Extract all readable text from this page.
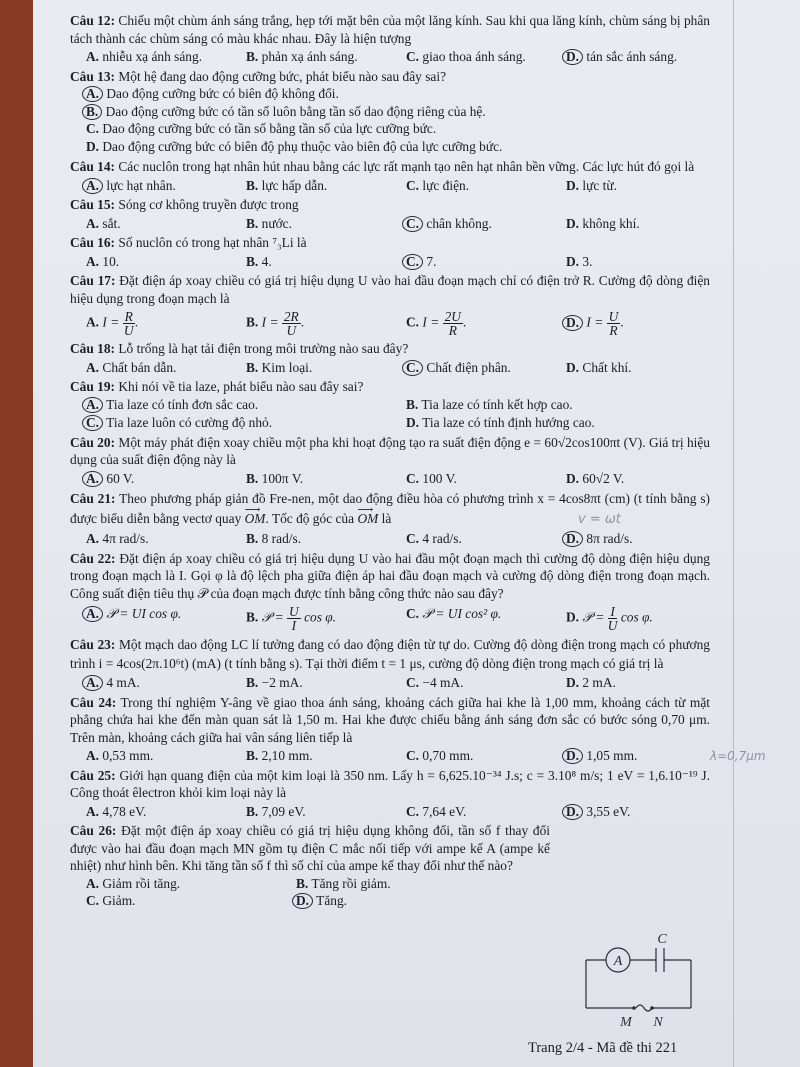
Câu 12: Chiếu một chùm ánh sáng trắng, hẹp tới mặt bên của một lăng kính. Sau khi qua lăng kính, chùm sáng bị phân tách thành các chùm sáng có màu khác nhau. Đây là hiện tượng

A. nhiễu xạ ánh sáng.	B. phản xạ ánh sáng.	C. giao thoa ánh sáng.	D. tán sắc ánh sáng.

Câu 13: Một hệ đang dao động cưỡng bức, phát biểu nào sau đây sai?

A. Dao động cưỡng bức có biên độ không đổi.
B. Dao động cưỡng bức có tần số luôn bằng tần số dao động riêng của hệ.
C. Dao động cưỡng bức có tần số bằng tần số của lực cưỡng bức.
D. Dao động cưỡng bức có biên độ phụ thuộc vào biên độ của lực cưỡng bức.

Câu 14: Các nuclôn trong hạt nhân hút nhau bằng các lực rất mạnh tạo nên hạt nhân bền vững. Các lực hút đó gọi là

A. lực hạt nhân.	B. lực hấp dẫn.	C. lực điện.	D. lực từ.

Câu 15: Sóng cơ không truyền được trong

A. sắt.	B. nước.	C. chân không.	D. không khí.

Câu 16: Số nuclôn có trong hạt nhân ⁷₃Li là

A. 10.	B. 4.	C. 7.	D. 3.

Câu 17: Đặt điện áp xoay chiều có giá trị hiệu dụng U vào hai đầu đoạn mạch chỉ có điện trở R. Cường độ dòng điện hiệu dụng trong đoạn mạch là

A. $I = \frac{R}{U}$ .	B. $I = \frac{2R}{U}$ .	C. $I = \frac{2U}{R}$ .	D. $I = \frac{U}{R}$ .

Câu 18: Lỗ trống là hạt tải điện trong môi trường nào sau đây?

A. Chất bán dẫn.	B. Kim loại.	C. Chất điện phân.	D. Chất khí.

Câu 19: Khi nói về tia laze, phát biểu nào sau đây sai?

A. Tia laze có tính đơn sắc cao.	B. Tia laze có tính kết hợp cao.
C. Tia laze luôn có cường độ nhỏ.	D. Tia laze có tính định hướng cao.

Câu 20: Một máy phát điện xoay chiều một pha khi hoạt động tạo ra suất điện động e = 60√2cos100πt (V). Giá trị hiệu dụng của suất điện động này là

A. 60 V.	B. 100π V.	C. 100 V.	D. 60√2 V.

Câu 21: Theo phương pháp giản đồ Fre-nen, một dao động điều hòa có phương trình x = 4cos8πt (cm) (t tính bằng s) được biểu diễn bằng vectơ quay ⟶ OM. Tốc độ góc của ⟶ OM là	v = ωt
A. 4π rad/s.	B. 8 rad/s.	C. 4 rad/s.	D. 8π rad/s.

Câu 22: Đặt điện áp xoay chiều có giá trị hiệu dụng U vào hai đầu một đoạn mạch thì cường độ dòng điện hiệu dụng trong đoạn mạch là I. Gọi φ là độ lệch pha giữa điện áp hai đầu đoạn mạch và cường độ dòng điện trong đoạn mạch. Công suất điện tiêu thụ 𝒫 của đoạn mạch được tính bằng công thức nào sau đây?

A. 𝒫 = UI cos φ.	B. 𝒫 = $\frac{U}{I}$ cos φ.	C. 𝒫 = UI cos² φ.	D. 𝒫 = $\frac{I}{U}$ cos φ.

Câu 23: Một mạch dao động LC lí tưởng đang có dao động điện từ tự do. Cường độ dòng điện trong mạch có phương trình i = 4cos(2π.10⁶t) (mA) (t tính bằng s). Tại thời điểm t = 1 μs, cường độ dòng điện trong mạch có giá trị là

A. 4 mA.	B. −2 mA.	C. −4 mA.	D. 2 mA.

Câu 24: Trong thí nghiệm Y-âng về giao thoa ánh sáng, khoảng cách giữa hai khe là 1,00 mm, khoảng cách từ mặt phẳng chứa hai khe đến màn quan sát là 1,50 m. Hai khe được chiếu bằng ánh sáng đơn sắc có bước sóng 0,70 μm. Trên màn, khoảng cách giữa hai vân sáng liên tiếp là

λ=0,7μm
A. 0,53 mm.	B. 2,10 mm.	C. 0,70 mm.	D. 1,05 mm.

Câu 25: Giới hạn quang điện của một kim loại là 350 nm. Lấy h = 6,625.10⁻³⁴ J.s; c = 3.10⁸ m/s; 1 eV = 1,6.10⁻¹⁹ J. Công thoát êlectron khỏi kim loại này là

A. 4,78 eV.	B. 7,09 eV.	C. 7,64 eV.	D. 3,55 eV.

Câu 26: Đặt một điện áp xoay chiều có giá trị hiệu dụng không đổi, tần số f thay đổi được vào hai đầu đoạn mạch MN gồm tụ điện C mắc nối tiếp với ampe kế A (ampe kế nhiệt) như hình bên. Khi tăng tần số f thì số chỉ của ampe kế thay đổi như thế nào?

A. Giảm rồi tăng.	B. Tăng rồi giảm.
C. Giảm.	D. Tăng.
A
C
M N
Trang 2/4 - Mã đề thi 221
